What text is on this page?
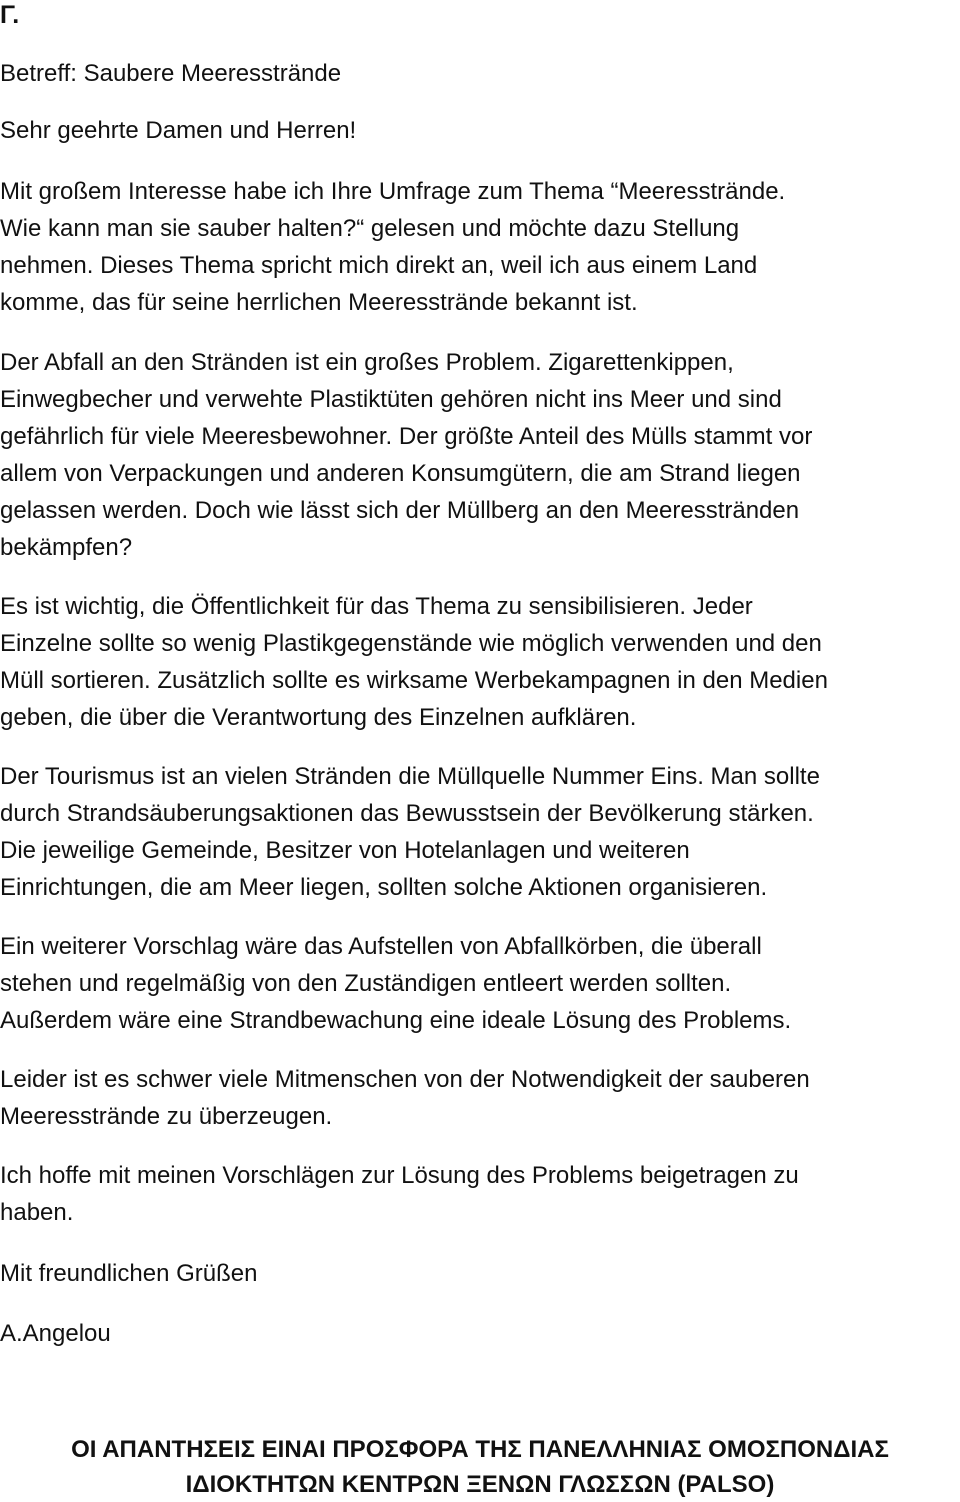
Γ.
Betreff: Saubere Meeresstrände
Sehr geehrte Damen und Herren!
Mit großem Interesse habe ich Ihre Umfrage zum Thema “Meeresstrände.
Wie kann man sie sauber halten?“ gelesen und möchte dazu Stellung
nehmen. Dieses Thema spricht mich direkt an, weil ich aus einem Land
komme, das für seine herrlichen Meeresstrände bekannt ist.
Der Abfall an den Stränden ist ein großes Problem. Zigarettenkippen,
Einwegbecher und verwehte Plastiktüten gehören nicht ins Meer und sind
gefährlich für viele Meeresbewohner. Der größte Anteil des Mülls stammt vor
allem von Verpackungen und anderen Konsumgütern, die am Strand liegen
gelassen werden. Doch wie lässt sich der Müllberg an den Meeresstränden
bekämpfen?
Es ist wichtig, die Öffentlichkeit für das Thema zu sensibilisieren. Jeder
Einzelne sollte so wenig Plastikgegenstände wie möglich verwenden und den
Müll sortieren. Zusätzlich sollte es wirksame Werbekampagnen in den Medien
geben, die über die Verantwortung des Einzelnen aufklären.
Der Tourismus ist an vielen Stränden die Müllquelle Nummer Eins. Man sollte
durch Strandsäuberungsaktionen das Bewusstsein der Bevölkerung stärken.
Die jeweilige Gemeinde, Besitzer von Hotelanlagen und weiteren
Einrichtungen, die am Meer liegen, sollten solche Aktionen organisieren.
Ein weiterer Vorschlag wäre das Aufstellen von Abfallkörben, die überall
stehen und regelmäßig von den Zuständigen entleert werden sollten.
Außerdem wäre eine Strandbewachung eine ideale Lösung des Problems.
Leider ist es schwer viele Mitmenschen von der Notwendigkeit der sauberen
Meeresstrände zu überzeugen.
Ich hoffe mit meinen Vorschlägen zur Lösung des Problems beigetragen zu
haben.
Mit freundlichen Grüßen
A.Angelou
ΟΙ ΑΠΑΝΤΗΣΕΙΣ ΕΙΝΑΙ ΠΡΟΣΦΟΡΑ ΤΗΣ ΠΑΝΕΛΛΗΝΙΑΣ ΟΜΟΣΠΟΝΔΙΑΣ
ΙΔΙΟΚΤΗΤΩΝ ΚΕΝΤΡΩΝ ΞΕΝΩΝ ΓΛΩΣΣΩΝ (PALSO)
